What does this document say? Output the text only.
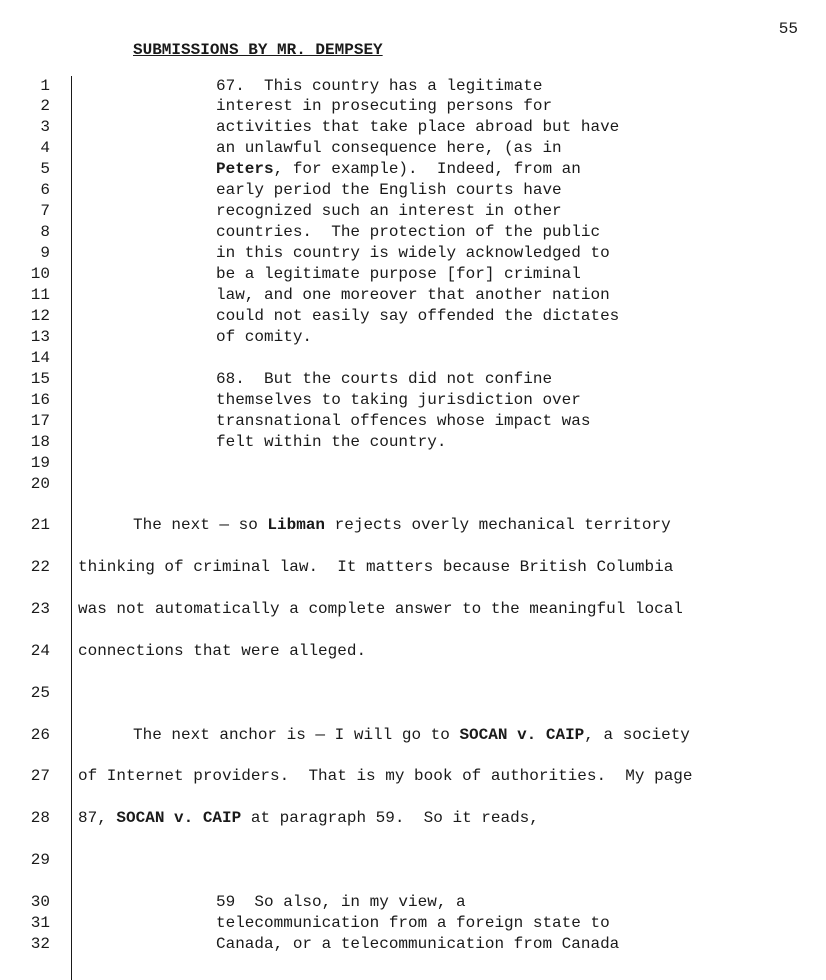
55
SUBMISSIONS BY MR. DEMPSEY
1
2
3
4
5
6
7
8
9
10
11
12
13
14
15
16
17
18
19
20
21
22
23
24
25
26
27
28
29
30
31
32
67.  This country has a legitimate
interest in prosecuting persons for
activities that take place abroad but have
an unlawful consequence here, (as in
Peters, for example).  Indeed, from an
early period the English courts have
recognized such an interest in other
countries.  The protection of the public
in this country is widely acknowledged to
be a legitimate purpose [for] criminal
law, and one moreover that another nation
could not easily say offended the dictates
of comity.
68.  But the courts did not confine
themselves to taking jurisdiction over
transnational offences whose impact was
felt within the country.
The next — so Libman rejects overly mechanical territory
thinking of criminal law.  It matters because British Columbia
was not automatically a complete answer to the meaningful local
connections that were alleged.
The next anchor is — I will go to SOCAN v. CAIP, a society
of Internet providers.  That is my book of authorities.  My page
87, SOCAN v. CAIP at paragraph 59.  So it reads,
59  So also, in my view, a
telecommunication from a foreign state to
Canada, or a telecommunication from Canada
